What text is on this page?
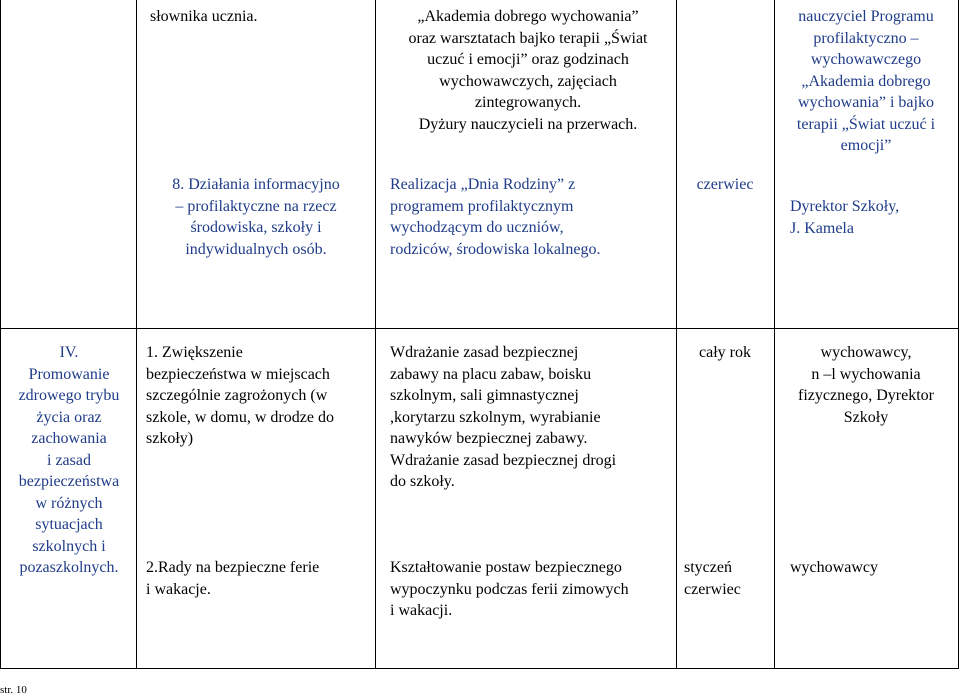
słownika ucznia.	„Akademia dobrego wychowania”
oraz warsztatach bajko terapii „Świat
uczuć i emocji” oraz godzinach
wychowawczych, zajęciach
zintegrowanych.
Dyżury nauczycieli na przerwach.
nauczyciel Programu
profilaktyczno –
wychowawczego
„Akademia dobrego
wychowania” i bajko
terapii „Świat uczuć i
emocji”
8. Działania informacyjno
– profilaktyczne na rzecz
środowiska, szkoły i
indywidualnych osób.
Realizacja „Dnia Rodziny” z
programem profilaktycznym
wychodzącym do uczniów,
rodziców, środowiska lokalnego.
czerwiec
Dyrektor Szkoły,
J. Kamela
IV.
Promowanie
zdrowego trybu
życia oraz
zachowania
i zasad
bezpieczeństwa
w różnych
sytuacjach
szkolnych i
pozaszkolnych.
1. Zwiększenie
bezpieczeństwa w miejscach
szczególnie zagrożonych (w
szkole, w domu, w drodze do
szkoły)
Wdrażanie zasad bezpiecznej
zabawy na placu zabaw, boisku
szkolnym, sali gimnastycznej
,korytarzu szkolnym, wyrabianie
nawyków bezpiecznej zabawy.
Wdrażanie zasad bezpiecznej drogi
do szkoły.
cały rok	wychowawcy,
n –l wychowania
fizycznego, Dyrektor
Szkoły
2.Rady na bezpieczne ferie
i wakacje.
Kształtowanie postaw bezpiecznego
wypoczynku podczas ferii zimowych
i wakacji.
styczeń
czerwiec
wychowawcy
str. 10
